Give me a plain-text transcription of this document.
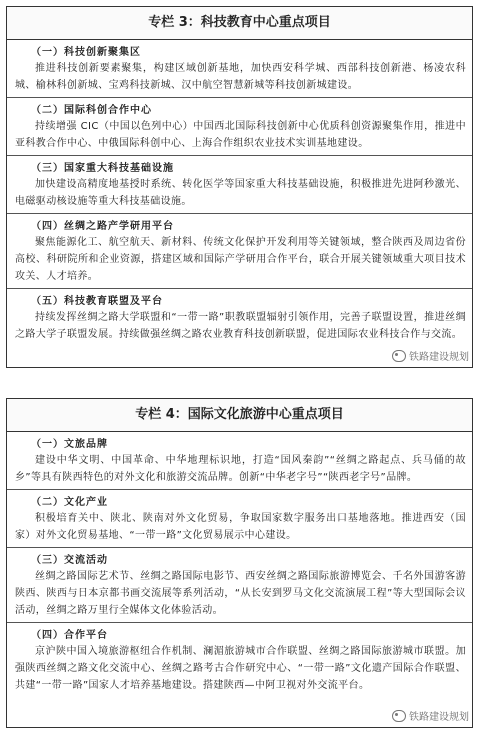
专栏 3：科技教育中心重点项目
（一）科技创新聚集区
推进科技创新要素聚集，构建区域创新基地，加快西安科学城、西部科技创新港、杨凌农科城、榆林科创新城、宝鸡科技新城、汉中航空智慧新城等科技创新城建设。
（二）国际科创合作中心
持续增强 CIC（中国以色列中心）中国西北国际科技创新中心优质科创资源聚集作用，推进中亚科教合作中心、中俄国际科创中心、上海合作组织农业技术实训基地建设。
（三）国家重大科技基础设施
加快建设高精度地基授时系统、转化医学等国家重大科技基础设施，积极推进先进阿秒激光、电磁驱动核设施等重大科技基础设施。
（四）丝绸之路产学研用平台
聚焦能源化工、航空航天、新材料、传统文化保护开发利用等关键领域，整合陕西及周边省份高校、科研院所和企业资源，搭建区域和国际产学研用合作平台，联合开展关键领域重大项目技术攻关、人才培养。
（五）科技教育联盟及平台
持续发挥丝绸之路大学联盟和“一带一路”职教联盟辐射引领作用，完善子联盟设置，推进丝绸之路大学子联盟发展。持续做强丝绸之路农业教育科技创新联盟，促进国际农业科技合作与交流。
铁路建设规划
专栏 4：国际文化旅游中心重点项目
（一）文旅品牌
建设中华文明、中国革命、中华地理标识地，打造“国风秦韵”“丝绸之路起点、兵马俑的故乡”等具有陕西特色的对外文化和旅游交流品牌。创新“中华老字号”“陕西老字号”品牌。
（二）文化产业
积极培育关中、陕北、陕南对外文化贸易，争取国家数字服务出口基地落地。推进西安（国家）对外文化贸易基地、“一带一路”文化贸易展示中心建设。
（三）交流活动
丝绸之路国际艺术节、丝绸之路国际电影节、西安丝绸之路国际旅游博览会、千名外国游客游陕西、陕西与日本京都书画交流展等系列活动，“从长安到罗马文化交流演展工程”等大型国际会议活动，丝绸之路万里行全媒体文化体验活动。
（四）合作平台
京沪陕中国入境旅游枢纽合作机制、澜湄旅游城市合作联盟、丝绸之路国际旅游城市联盟。加强陕西丝绸之路文化交流中心、丝绸之路考古合作研究中心、“一带一路”文化遗产国际合作联盟、共建“一带一路”国家人才培养基地建设。搭建陕西—中阿卫视对外交流平台。
铁路建设规划
